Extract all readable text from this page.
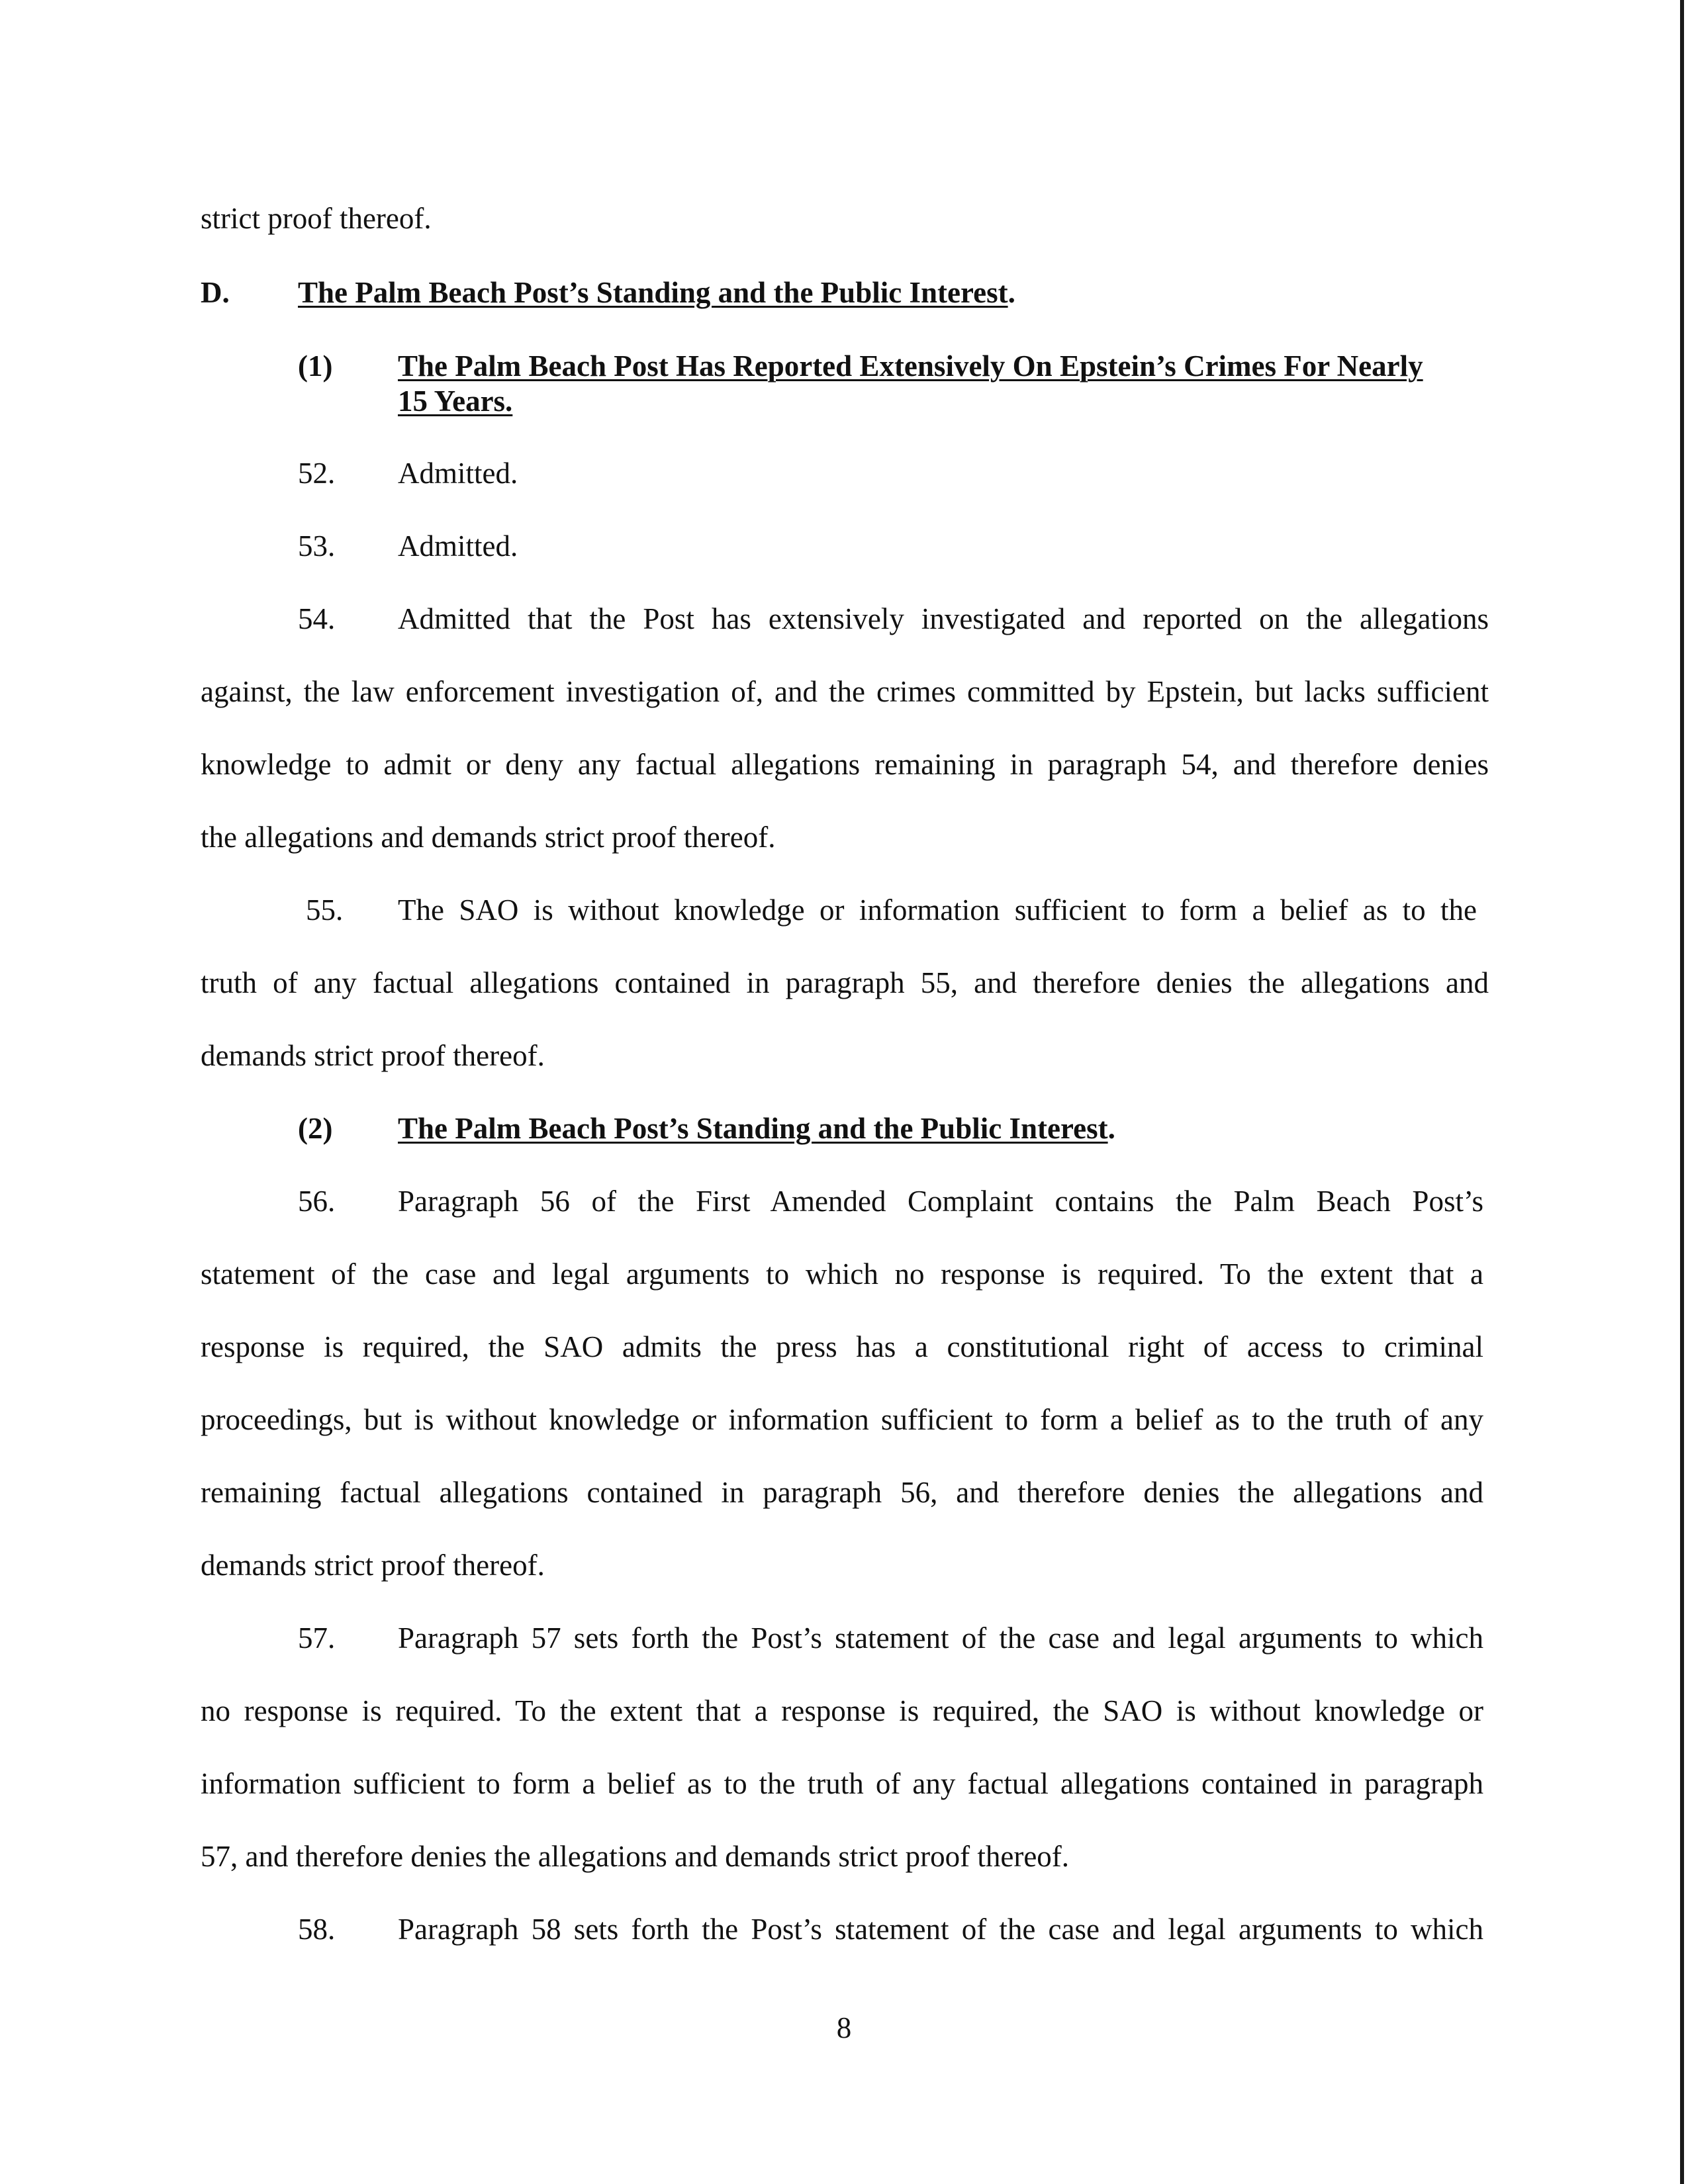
strict proof thereof.

D. The Palm Beach Post’s Standing and the Public Interest.
(1) The Palm Beach Post Has Reported Extensively On Epstein’s Crimes For Nearly
15 Years.
52. Admitted.
53. Admitted.
54. Admitted that the Post has extensively investigated and reported on the allegations

against, the law enforcement investigation of, and the crimes committed by Epstein, but lacks sufficient

knowledge to admit or deny any factual allegations remaining in paragraph 54, and therefore denies

the allegations and demands strict proof thereof.

55. The SAO is without knowledge or information sufficient to form a belief as to the

truth of any factual allegations contained in paragraph 55, and therefore denies the allegations and

demands strict proof thereof.

(2) The Palm Beach Post’s Standing and the Public Interest.
56. Paragraph 56 of the First Amended Complaint contains the Palm Beach Post’s

statement of the case and legal arguments to which no response is required. To the extent that a

response is required, the SAO admits the press has a constitutional right of access to criminal

proceedings, but is without knowledge or information sufficient to form a belief as to the truth of any

remaining factual allegations contained in paragraph 56, and therefore denies the allegations and

demands strict proof thereof.

57. Paragraph 57 sets forth the Post’s statement of the case and legal arguments to which

no response is required. To the extent that a response is required, the SAO is without knowledge or

information sufficient to form a belief as to the truth of any factual allegations contained in paragraph

57, and therefore denies the allegations and demands strict proof thereof.

58. Paragraph 58 sets forth the Post’s statement of the case and legal arguments to which

8
